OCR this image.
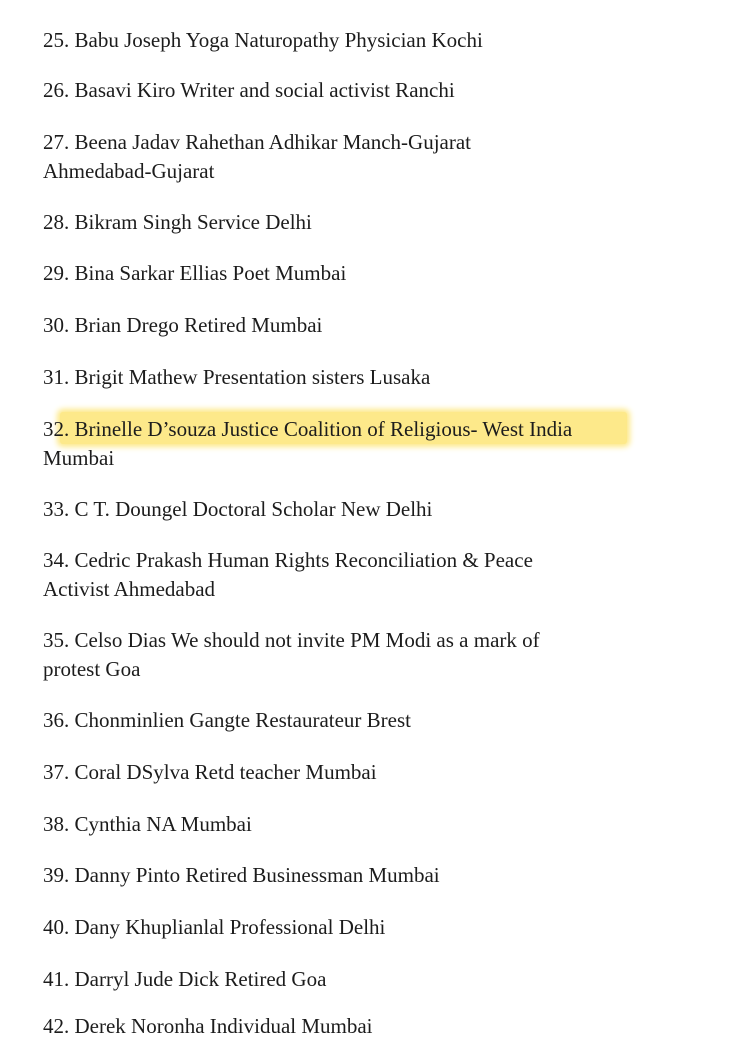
25. Babu Joseph Yoga Naturopathy Physician Kochi
26. Basavi Kiro Writer and social activist Ranchi
27. Beena Jadav Rahethan Adhikar Manch-Gujarat
Ahmedabad-Gujarat
28. Bikram Singh Service Delhi
29. Bina Sarkar Ellias Poet Mumbai
30. Brian Drego Retired Mumbai
31. Brigit Mathew Presentation sisters Lusaka
32. Brinelle D’souza Justice Coalition of Religious- West India
Mumbai
33. C T. Doungel Doctoral Scholar New Delhi
34. Cedric Prakash Human Rights Reconciliation & Peace
Activist Ahmedabad
35. Celso Dias We should not invite PM Modi as a mark of
protest Goa
36. Chonminlien Gangte Restaurateur Brest
37. Coral DSylva Retd teacher Mumbai
38. Cynthia NA Mumbai
39. Danny Pinto Retired Businessman Mumbai
40. Dany Khuplianlal Professional Delhi
41. Darryl Jude Dick Retired Goa
42. Derek Noronha Individual Mumbai
